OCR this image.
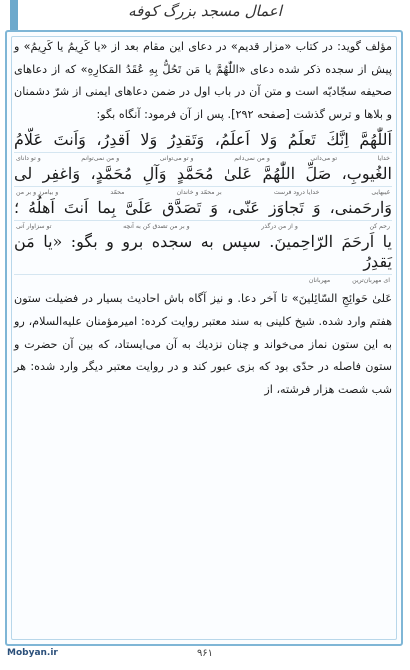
اعمال مسجد بزرگ کوفه

مؤلف گويد: در كتاب «مزار قديم» در دعاى اين مقام بعد از «يا كَرِيمُ يا كَرِيمُ» و پيش از سجده ذكر شده دعاى «اللّٰهُمَّ يا مَن تَحُلُّ بِهِ عُقَدُ المَكارِهِ» كه از دعاهاى صحيفه سجّاديّه است و متن آن در باب اول در ضمن دعاهاى ايمنى از شرّ دشمنان و بلاها و ترس گذشت [صفحه ۲۹۲]. پس از آن فرمود: آنگاه بگو:

اَللّٰهُمَّ اِنَّكَ تَعلَمُ وَلا اَعلَمُ، وَتَقدِرُ وَلا اَقدِرُ، وَاَنتَ عَلّامُ
خدایا
تو می‌دانی
و من نمی‌دانم
و تو می‌توانی
و من نمی‌توانم
و تو دانای
الغُيوبِ، صَلِّ اللّٰهُمَّ عَلىٰ مُحَمَّدٍ وَآلِ مُحَمَّدٍ، وَاغفِر لى
غیبهایی
خدایا درود فرست
بر محمّد و خاندان
محمّد
و بیامرز و بر من
وَارحَمنى، وَ تَجاوَز عَنّى، وَ تَصَدَّق عَلَىَّ بِما اَنتَ اَهلُهُ ؛
رحم کن
و از من درگذر
و بر من تصدق کن به آنچه
تو سزاوار آنی
يا اَرحَمَ الرّاحِمينَ. سپس به سجده برو و بگو: «يا مَن يَقدِرُ
ای مهربان‌ترین
مهربانان

عَلىٰ حَوائِجِ السّائِلينَ» تا آخر دعا. و نيز آگاه باش احاديث بسيار در فضيلت ستون هفتم وارد شده. شيخ كلينى به سند معتبر روايت كرده: اميرمؤمنان عليه‌السلام، رو به اين ستون نماز مى‌خواند و چنان نزديك به آن مى‌ايستاد، كه بين آن حضرت و ستون فاصله در حدّى بود كه بزى عبور كند و در روايت معتبر ديگر وارد شده: هر شب شصت هزار فرشته، از

Mobyan.ir	۹۶۱
